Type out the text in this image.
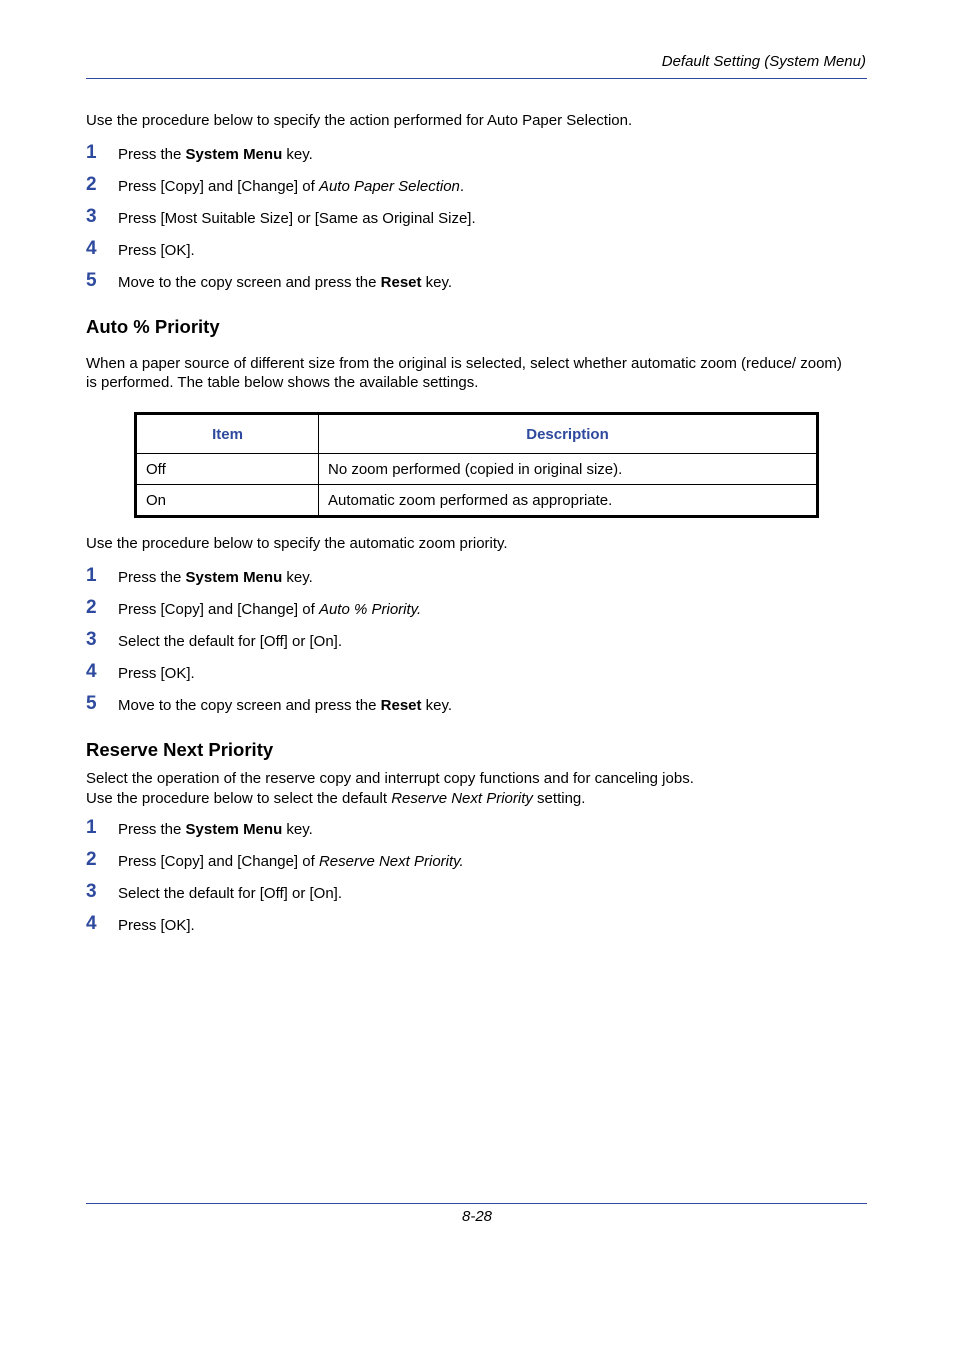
Default Setting (System Menu)
Use the procedure below to specify the action performed for Auto Paper Selection.
1 Press the System Menu key.
2 Press [Copy] and [Change] of Auto Paper Selection.
3 Press [Most Suitable Size] or [Same as Original Size].
4 Press [OK].
5 Move to the copy screen and press the Reset key.
Auto % Priority
When a paper source of different size from the original is selected, select whether automatic zoom (reduce/ zoom) is performed. The table below shows the available settings.
Item	Description
Off	No zoom performed (copied in original size).
On	Automatic zoom performed as appropriate.
Use the procedure below to specify the automatic zoom priority.
1 Press the System Menu key.
2 Press [Copy] and [Change] of Auto % Priority.
3 Select the default for [Off] or [On].
4 Press [OK].
5 Move to the copy screen and press the Reset key.
Reserve Next Priority
Select the operation of the reserve copy and interrupt copy functions and for canceling jobs.
Use the procedure below to select the default Reserve Next Priority setting.
1 Press the System Menu key.
2 Press [Copy] and [Change] of Reserve Next Priority.
3 Select the default for [Off] or [On].
4 Press [OK].
8-28
